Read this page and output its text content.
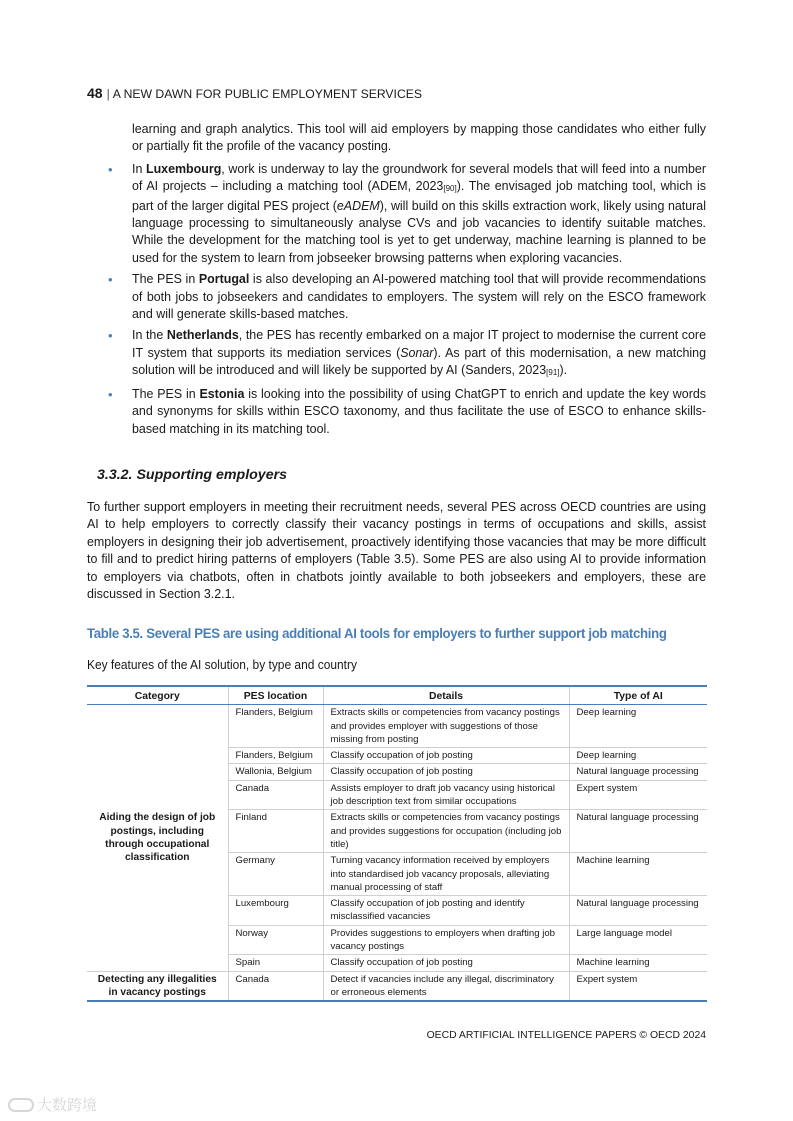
48 | A NEW DAWN FOR PUBLIC EMPLOYMENT SERVICES

learning and graph analytics. This tool will aid employers by mapping those candidates who either fully or partially fit the profile of the vacancy posting.

• In Luxembourg, work is underway to lay the groundwork for several models that will feed into a number of AI projects – including a matching tool (ADEM, $2023_{[90]}$). The envisaged job matching tool, which is part of the larger digital PES project (eADEM), will build on this skills extraction work, likely using natural language processing to simultaneously analyse CVs and job vacancies to identify suitable matches. While the development for the matching tool is yet to get underway, machine learning is planned to be used for the system to learn from jobseeker browsing patterns when exploring vacancies.

• The PES in Portugal is also developing an AI-powered matching tool that will provide recommendations of both jobs to jobseekers and candidates to employers. The system will rely on the ESCO framework and will generate skills-based matches.

• In the Netherlands, the PES has recently embarked on a major IT project to modernise the current core IT system that supports its mediation services (Sonar). As part of this modernisation, a new matching solution will be introduced and will likely be supported by AI (Sanders, $2023_{[91]}$).

• The PES in Estonia is looking into the possibility of using ChatGPT to enrich and update the key words and synonyms for skills within ESCO taxonomy, and thus facilitate the use of ESCO to enhance skills-based matching in its matching tool.

3.3.2. Supporting employers

To further support employers in meeting their recruitment needs, several PES across OECD countries are using AI to help employers to correctly classify their vacancy postings in terms of occupations and skills, assist employers in designing their job advertisement, proactively identifying those vacancies that may be more difficult to fill and to predict hiring patterns of employers (Table 3.5). Some PES are also using AI to provide information to employers via chatbots, often in chatbots jointly available to both jobseekers and employers, these are discussed in Section 3.2.1.

Table 3.5. Several PES are using additional AI tools for employers to further support job matching
Key features of the AI solution, by type and country
Category	PES location	Details	Type of AI
Aiding the design of job postings, including through occupational classification	Flanders, Belgium	Extracts skills or competencies from vacancy postings and provides employer with suggestions of those missing from posting	Deep learning
	Flanders, Belgium	Classify occupation of job posting	Deep learning
	Wallonia, Belgium	Classify occupation of job posting	Natural language processing
	Canada	Assists employer to draft job vacancy using historical job description text from similar occupations	Expert system
	Finland	Extracts skills or competencies from vacancy postings and provides suggestions for occupation (including job title)	Natural language processing
	Germany	Turning vacancy information received by employers into standardised job vacancy proposals, alleviating manual processing of staff	Machine learning
	Luxembourg	Classify occupation of job posting and identify misclassified vacancies	Natural language processing
	Norway	Provides suggestions to employers when drafting job vacancy postings	Large language model
	Spain	Classify occupation of job posting	Machine learning
Detecting any illegalities in vacancy postings	Canada	Detect if vacancies include any illegal, discriminatory or erroneous elements	Expert system
OECD ARTIFICIAL INTELLIGENCE PAPERS © OECD 2024
大数跨境
